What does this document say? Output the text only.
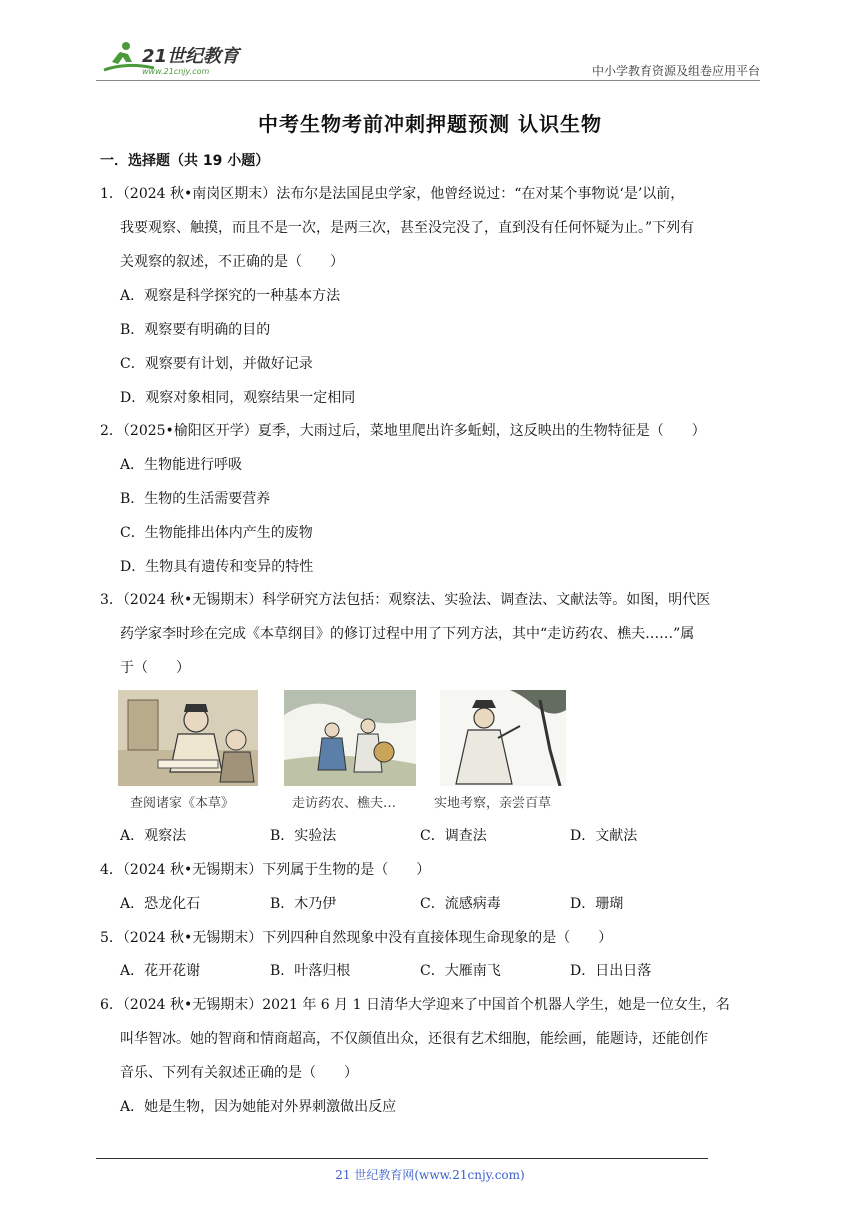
21世纪教育
www.21cnjy.com	中小学教育资源及组卷应用平台
中考生物考前冲刺押题预测 认识生物
一．选择题（共 19 小题）
1．（2024 秋•南岗区期末）法布尔是法国昆虫学家，他曾经说过：“在对某个事物说‘是’以前，
我要观察、触摸，而且不是一次，是两三次，甚至没完没了，直到没有任何怀疑为止。”下列有
关观察的叙述，不正确的是（　　）
A．观察是科学探究的一种基本方法
B．观察要有明确的目的
C．观察要有计划，并做好记录
D．观察对象相同，观察结果一定相同
2．（2025•榆阳区开学）夏季，大雨过后，菜地里爬出许多蚯蚓，这反映出的生物特征是（　　）
A．生物能进行呼吸
B．生物的生活需要营养
C．生物能排出体内产生的废物
D．生物具有遗传和变异的特性
3．（2024 秋•无锡期末）科学研究方法包括：观察法、实验法、调查法、文献法等。如图，明代医
药学家李时珍在完成《本草纲目》的修订过程中用了下列方法，其中“走访药农、樵夫……”属
于（　　）
查阅诸家《本草》	走访药农、樵夫…	实地考察，亲尝百草
A．观察法	B．实验法	C．调查法	D．文献法
4．（2024 秋•无锡期末）下列属于生物的是（　　）
A．恐龙化石	B．木乃伊	C．流感病毒	D．珊瑚
5．（2024 秋•无锡期末）下列四种自然现象中没有直接体现生命现象的是（　　）
A．花开花谢	B．叶落归根	C．大雁南飞	D．日出日落
6．（2024 秋•无锡期末）2021 年 6 月 1 日清华大学迎来了中国首个机器人学生，她是一位女生，名
叫华智冰。她的智商和情商超高，不仅颜值出众，还很有艺术细胞，能绘画，能题诗，还能创作
音乐、下列有关叙述正确的是（　　）
A．她是生物，因为她能对外界刺激做出反应
21 世纪教育网(www.21cnjy.com)
